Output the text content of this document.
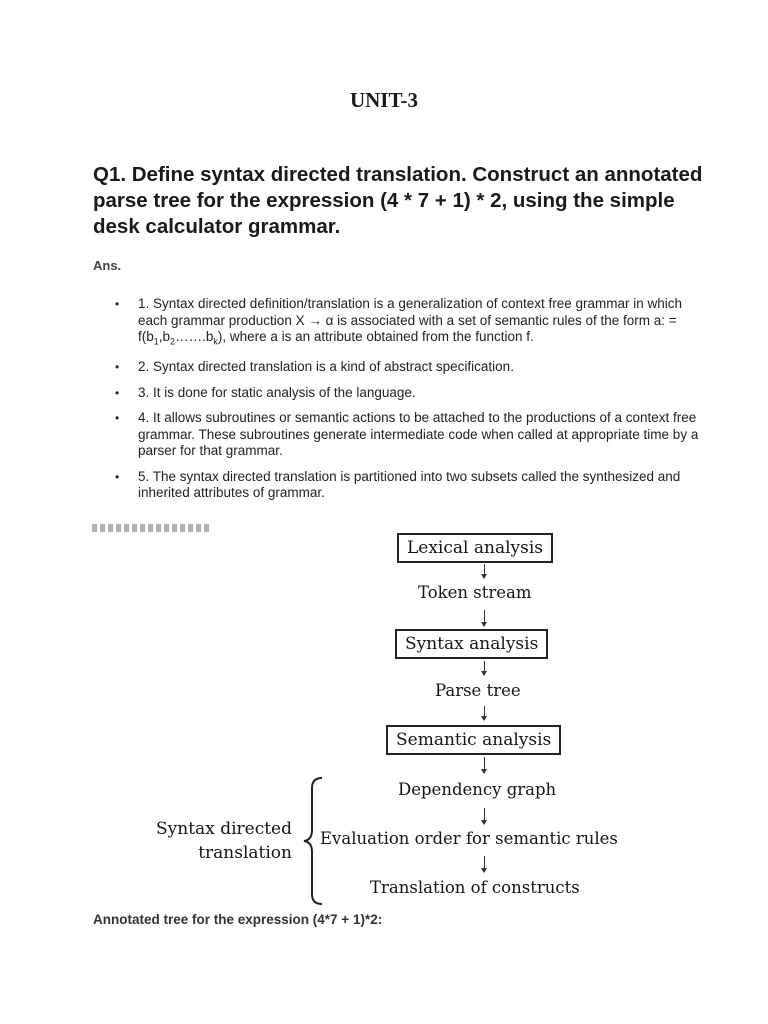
UNIT-3

Q1. Define syntax directed translation. Construct an annotated parse tree for the expression (4 * 7 + 1) * 2, using the simple desk calculator grammar.

Ans.
• 1. Syntax directed definition/translation is a generalization of context free grammar in which each grammar production X → α is associated with a set of semantic rules of the form a: = $f(b_1,b_2\dots\dots.b_k)$, where a is an attribute obtained from the function f.
• 2. Syntax directed translation is a kind of abstract specification.
• 3. It is done for static analysis of the language.
• 4. It allows subroutines or semantic actions to be attached to the productions of a context free grammar. These subroutines generate intermediate code when called at appropriate time by a parser for that grammar.
• 5. The syntax directed translation is partitioned into two subsets called the synthesized and inherited attributes of grammar.
Lexical analysis
Token stream
Syntax analysis
Parse tree
Semantic analysis
Dependency graph
Evaluation order for semantic rules
Translation of constructs
Syntax directed
translation
Annotated tree for the expression (4*7 + 1)*2:
